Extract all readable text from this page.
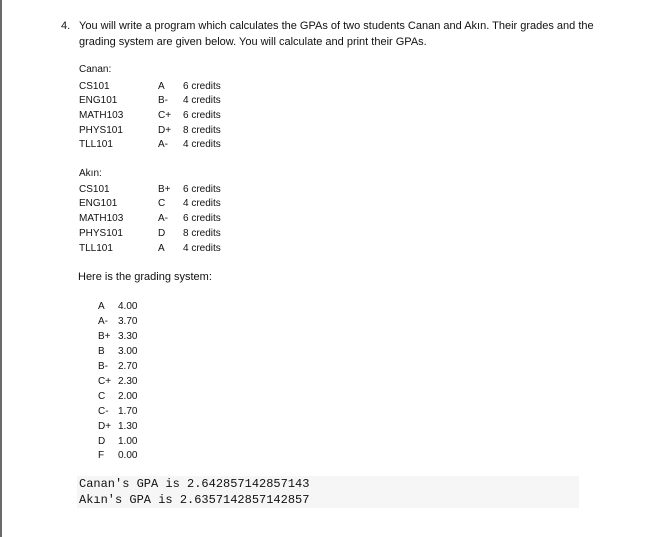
4. You will write a program which calculates the GPAs of two students Canan and Akın. Their grades and the grading system are given below. You will calculate and print their GPAs.
Canan:
CS101	A	6 credits
ENG101	B-	4 credits
MATH103	C+	6 credits
PHYS101	D+	8 credits
TLL101	A-	4 credits
Akın:
CS101	B+	6 credits
ENG101	C	4 credits
MATH103	A-	6 credits
PHYS101	D	8 credits
TLL101	A	4 credits
Here is the grading system:
A	4.00
A-	3.70
B+ 3.30
B	3.00
B-	2.70
C+ 2.30
C	2.00
C- 1.70
D+ 1.30
D	1.00
F	0.00
Canan's GPA is 2.642857142857143
Akın's GPA is 2.6357142857142857
